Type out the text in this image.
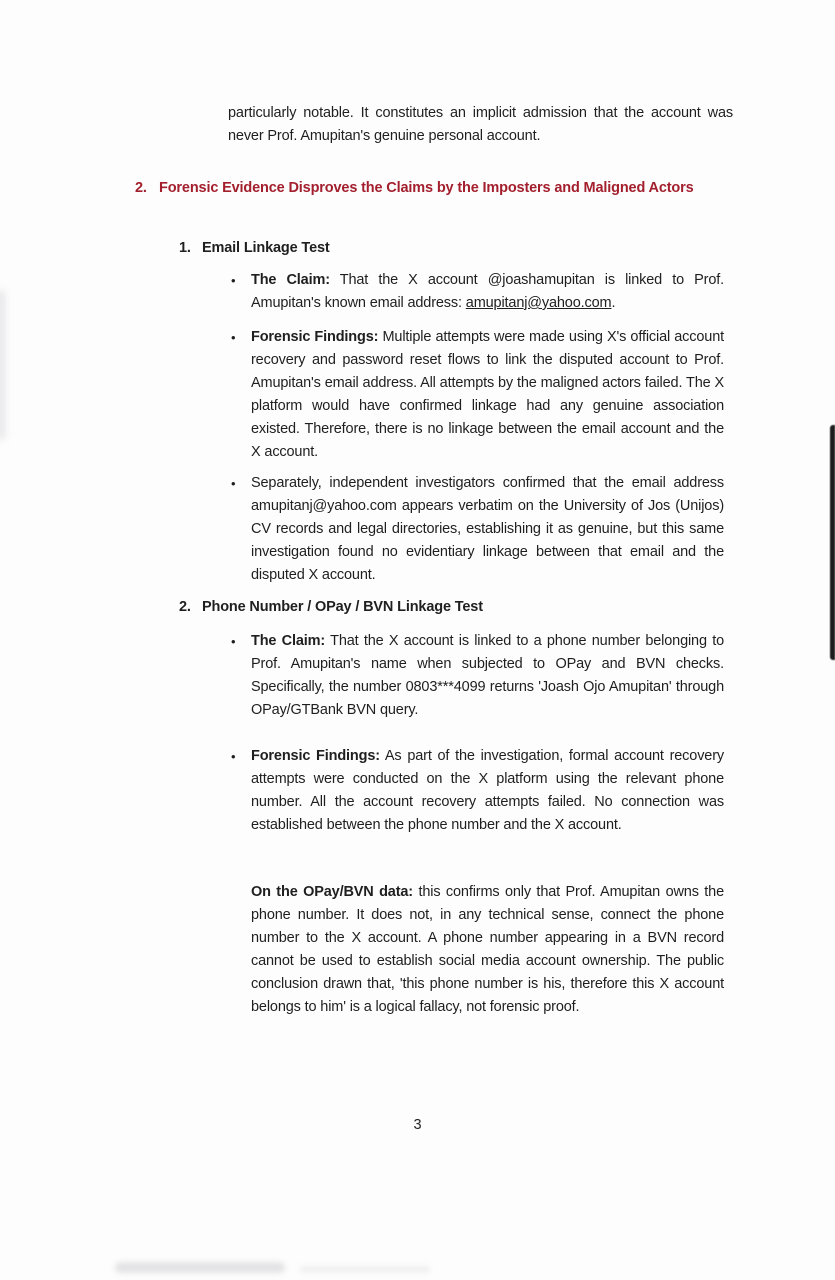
particularly notable. It constitutes an implicit admission that the account was never Prof. Amupitan's genuine personal account.

2. Forensic Evidence Disproves the Claims by the Imposters and Maligned Actors
1. Email Linkage Test
•	The Claim: That the X account @joashamupitan is linked to Prof. Amupitan's known email address: amupitanj@yahoo.com.

•	Forensic Findings: Multiple attempts were made using X's official account recovery and password reset flows to link the disputed account to Prof. Amupitan's email address. All attempts by the maligned actors failed. The X platform would have confirmed linkage had any genuine association existed. Therefore, there is no linkage between the email account and the X account.

•	Separately, independent investigators confirmed that the email address amupitanj@yahoo.com appears verbatim on the University of Jos (Unijos) CV records and legal directories, establishing it as genuine, but this same investigation found no evidentiary linkage between that email and the disputed X account.

2. Phone Number / OPay / BVN Linkage Test
•	The Claim: That the X account is linked to a phone number belonging to Prof. Amupitan's name when subjected to OPay and BVN checks. Specifically, the number 0803***4099 returns 'Joash Ojo Amupitan' through OPay/GTBank BVN query.

•	Forensic Findings: As part of the investigation, formal account recovery attempts were conducted on the X platform using the relevant phone number. All the account recovery attempts failed. No connection was established between the phone number and the X account.

On the OPay/BVN data: this confirms only that Prof. Amupitan owns the phone number. It does not, in any technical sense, connect the phone number to the X account. A phone number appearing in a BVN record cannot be used to establish social media account ownership. The public conclusion drawn that, 'this phone number is his, therefore this X account belongs to him' is a logical fallacy, not forensic proof.

3
